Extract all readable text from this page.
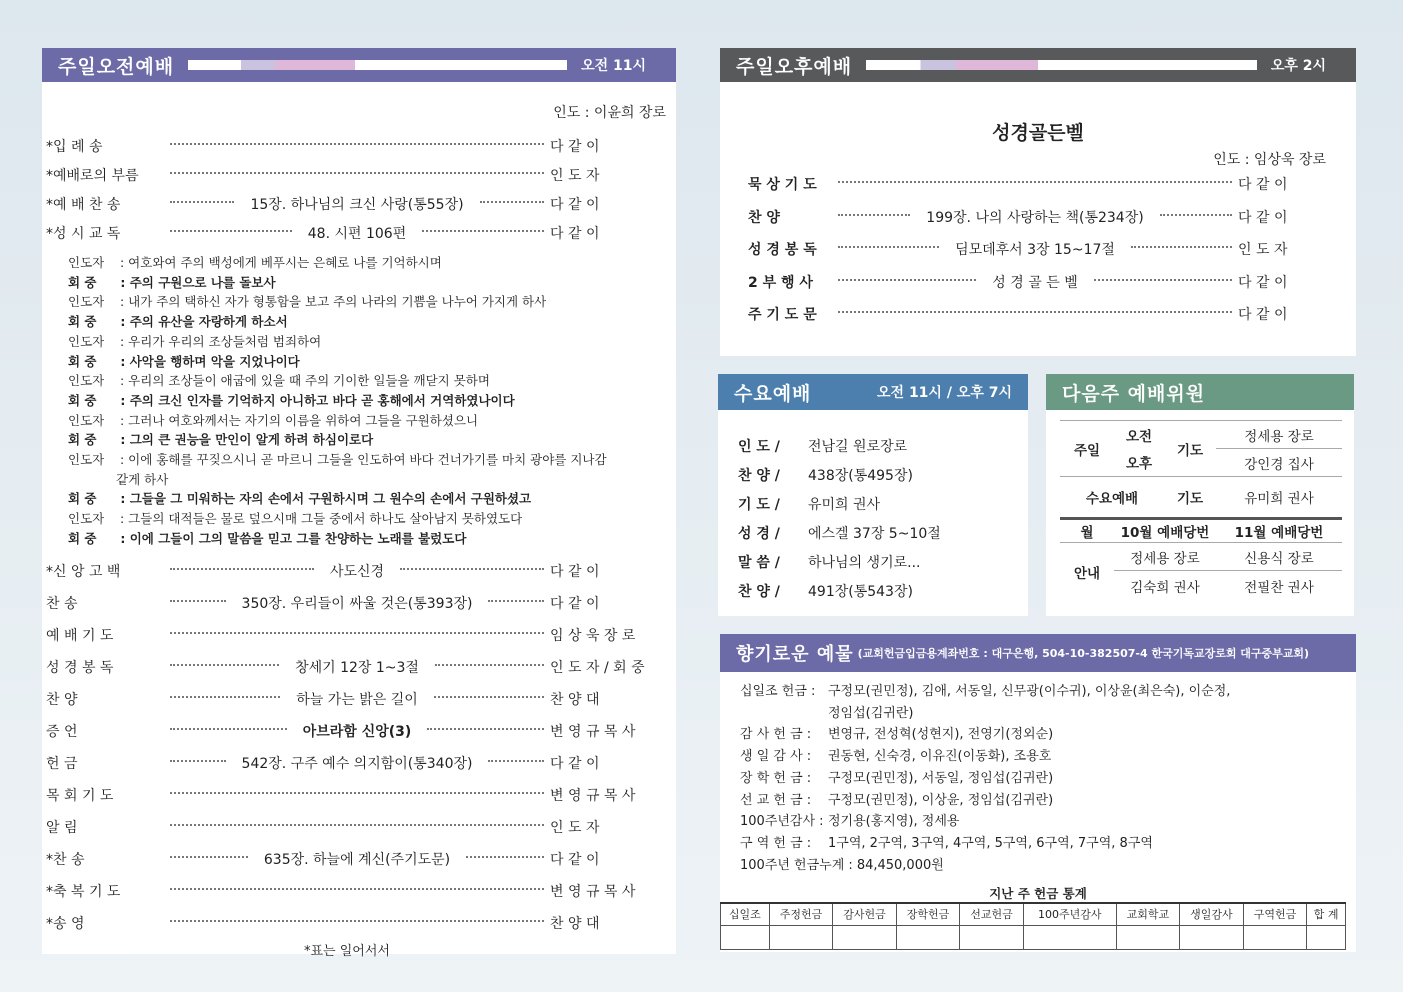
주일오전예배	오전 11시
인도 : 이윤희 장로
*입 례 송	다 같 이
*예배로의 부름	인 도 자
*예 배 찬 송	15장. 하나님의 크신 사랑(통55장)	다 같 이
*성 시 교 독	48. 시편 106편	다 같 이
인도자 : 여호와여 주의 백성에게 베푸시는 은혜로 나를 기억하시며
회 중 : 주의 구원으로 나를 돌보사
인도자 : 내가 주의 택하신 자가 형통함을 보고 주의 나라의 기쁨을 나누어 가지게 하사
회 중 : 주의 유산을 자랑하게 하소서
인도자 : 우리가 우리의 조상들처럼 범죄하여
회 중 : 사악을 행하며 악을 지었나이다
인도자 : 우리의 조상들이 애굽에 있을 때 주의 기이한 일들을 깨닫지 못하며
회 중 : 주의 크신 인자를 기억하지 아니하고 바다 곧 홍해에서 거역하였나이다
인도자 : 그러나 여호와께서는 자기의 이름을 위하여 그들을 구원하셨으니
회 중 : 그의 큰 권능을 만인이 알게 하려 하심이로다
인도자 : 이에 홍해를 꾸짖으시니 곧 마르니 그들을 인도하여 바다 건너가기를 마치 광야를 지나감
같게 하사
회 중 : 그들을 그 미워하는 자의 손에서 구원하시며 그 원수의 손에서 구원하셨고
인도자 : 그들의 대적들은 물로 덮으시매 그들 중에서 하나도 살아남지 못하였도다
회 중 : 이에 그들이 그의 말씀을 믿고 그를 찬양하는 노래를 불렀도다
*신 앙 고 백	사도신경	다 같 이
찬 송	350장. 우리들이 싸울 것은(통393장)	다 같 이
예 배 기 도	임 상 욱 장 로
성 경 봉 독	창세기 12장 1~3절	인 도 자 / 회 중
찬 양	하늘 가는 밝은 길이	찬 양 대
증 언	아브라함 신앙(3)	변 영 규 목 사
헌 금	542장. 구주 예수 의지함이(통340장)	다 같 이
목 회 기 도	변 영 규 목 사
알 림	인 도 자
*찬 송	635장. 하늘에 계신(주기도문)	다 같 이
*축 복 기 도	변 영 규 목 사
*송 영	찬 양 대
*표는 일어서서
주일오후예배	오후 2시
성경골든벨
인도 : 임상욱 장로
묵 상 기 도	다 같 이
찬 양	199장. 나의 사랑하는 책(통234장)	다 같 이
성 경 봉 독	딤모데후서 3장 15~17절	인 도 자
2 부 행 사	성 경 골 든 벨	다 같 이
주 기 도 문	다 같 이
수요예배	오전 11시 / 오후 7시
인 도 /	전남길 원로장로
찬 양 /	438장(통495장)
기 도 /	유미희 권사
성 경 /	에스겔 37장 5~10절
말 씀 /	하나님의 생기로...
찬 양 /	491장(통543장)
다음주 예배위원
주일	오전	기도	정세용 장로
	오후		강인경 집사
수요예배		기도	유미희 권사
월	10월 예배당번		11월 예배당번
안내	정세용 장로		신용식 장로
	김숙희 권사		전필찬 권사
향기로운 예물 (교회헌금입금용계좌번호 : 대구은행, 504-10-382507-4 한국기독교장로회 대구중부교회)
십일조 헌금 : 구정모(권민정), 김애, 서동일, 신무광(이수귀), 이상윤(최은숙), 이순정,
정임섭(김귀란)
감 사 헌 금 :	변영규, 전성혁(성현지), 전영기(정외순)
생 일 감 사 :	권동현, 신숙경, 이유진(이동화), 조용호
장 학 헌 금 :	구정모(권민정), 서동일, 정임섭(김귀란)
선 교 헌 금 :	구정모(권민정), 이상윤, 정임섭(김귀란)
100주년감사 : 정기용(홍지영), 정세용
구 역 헌 금 :	1구역, 2구역, 3구역, 4구역, 5구역, 6구역, 7구역, 8구역
100주년 헌금누계 : 84,450,000원
지난 주 헌금 통계
십일조	주정헌금	감사헌금	장학헌금	선교헌금	100주년감사	교회학교	생일감사	구역헌금	합 계
